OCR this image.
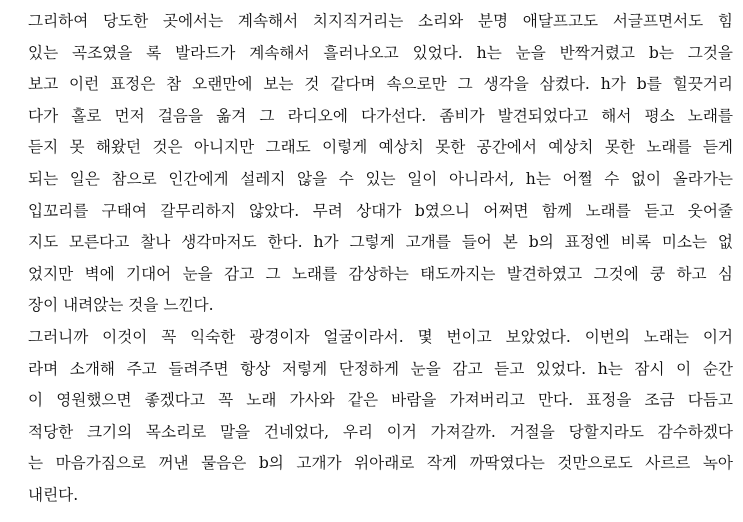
그리하여 당도한 곳에서는 계속해서 치지직거리는 소리와 분명 애달프고도 서글프면서도 힘
있는 곡조였을 록 발라드가 계속해서 흘러나오고 있었다. h는 눈을 반짝거렸고 b는 그것을
보고 이런 표정은 참 오랜만에 보는 것 같다며 속으로만 그 생각을 삼켰다. h가 b를 힐끗거리
다가 홀로 먼저 걸음을 옮겨 그 라디오에 다가선다. 좀비가 발견되었다고 해서 평소 노래를
듣지 못 해왔던 것은 아니지만 그래도 이렇게 예상치 못한 공간에서 예상치 못한 노래를 듣게
되는 일은 참으로 인간에게 설레지 않을 수 있는 일이 아니라서, h는 어쩔 수 없이 올라가는
입꼬리를 구태여 갈무리하지 않았다. 무려 상대가 b였으니 어쩌면 함께 노래를 듣고 웃어줄
지도 모른다고 찰나 생각마저도 한다. h가 그렇게 고개를 들어 본 b의 표정엔 비록 미소는 없
었지만 벽에 기대어 눈을 감고 그 노래를 감상하는 태도까지는 발견하였고 그것에 쿵 하고 심
장이 내려앉는 것을 느낀다.
그러니까 이것이 꼭 익숙한 광경이자 얼굴이라서. 몇 번이고 보았었다. 이번의 노래는 이거
라며 소개해 주고 들려주면 항상 저렇게 단정하게 눈을 감고 듣고 있었다. h는 잠시 이 순간
이 영원했으면 좋겠다고 꼭 노래 가사와 같은 바람을 가져버리고 만다. 표정을 조금 다듬고
적당한 크기의 목소리로 말을 건네었다, 우리 이거 가져갈까. 거절을 당할지라도 감수하겠다
는 마음가짐으로 꺼낸 물음은 b의 고개가 위아래로 작게 까딱였다는 것만으로도 사르르 녹아
내린다.
